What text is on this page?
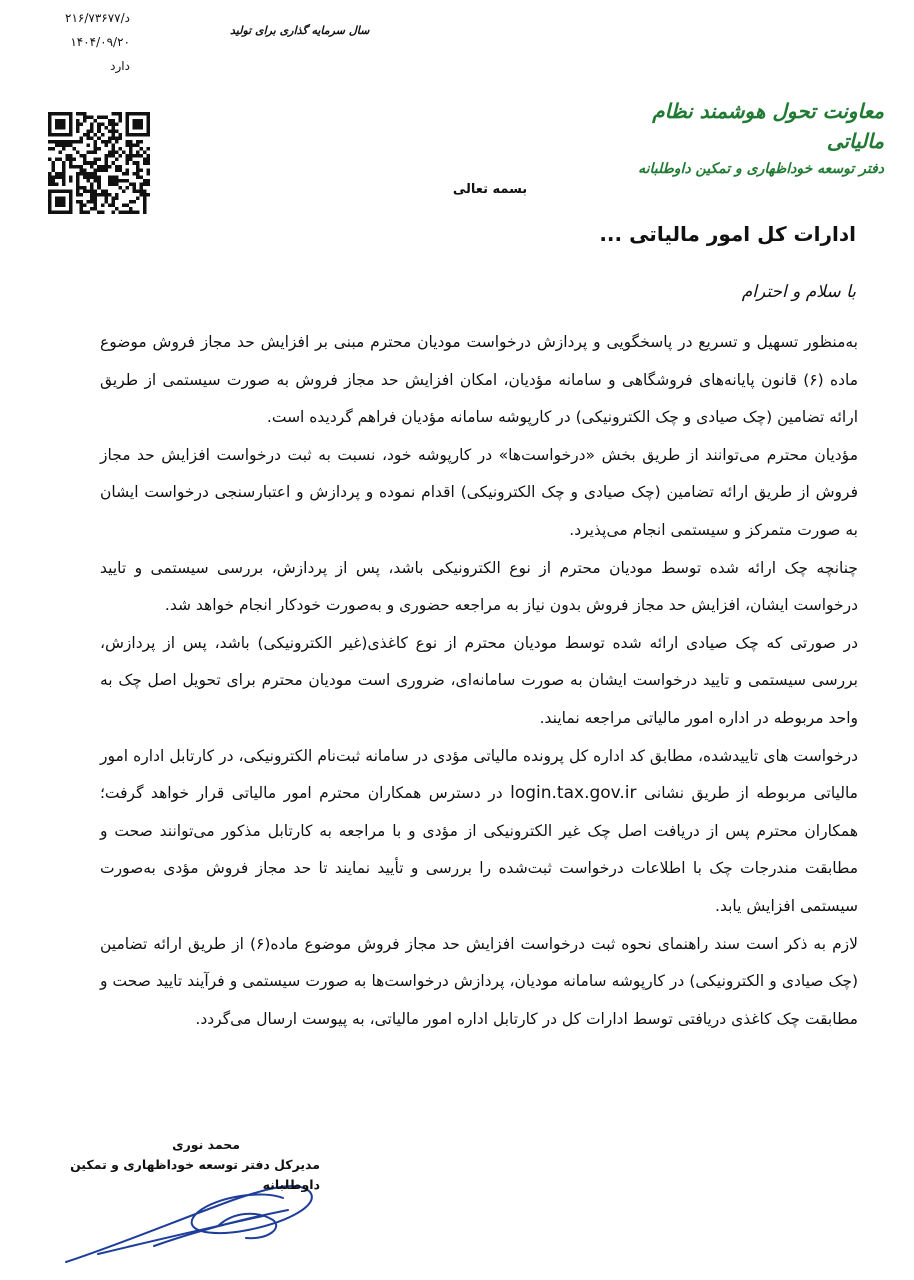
د/۲۱۶/۷۳۶۷۷
۱۴۰۴/۰۹/۲۰
دارد
سال سرمایه گذاری برای تولید
معاونت تحول هوشمند نظام مالیاتی
دفتر توسعه خوداظهاری و تمکین داوطلبانه
بسمه تعالی
ادارات کل امور مالیاتی ...
با سلام و احترام

به‌منظور تسهیل و تسریع در پاسخگویی و پردازش درخواست مودیان محترم مبنی بر افزایش حد مجاز فروش موضوع ماده (۶) قانون پایانه‌های فروشگاهی و سامانه مؤدیان، امکان افزایش حد مجاز فروش به صورت سیستمی از طریق ارائه تضامین (چک صیادی و چک الکترونیکی) در کارپوشه سامانه مؤدیان فراهم گردیده است.

مؤدیان محترم می‌توانند از طریق بخش «درخواست‌ها» در کارپوشه خود، نسبت به ثبت درخواست افزایش حد مجاز فروش از طریق ارائه تضامین (چک صیادی و چک الکترونیکی) اقدام نموده و پردازش و اعتبارسنجی درخواست ایشان به صورت متمرکز و سیستمی انجام می‌پذیرد.

چنانچه چک ارائه شده توسط مودیان محترم از نوع الکترونیکی باشد، پس از پردازش، بررسی سیستمی و تایید درخواست ایشان، افزایش حد مجاز فروش بدون نیاز به مراجعه حضوری و به‌صورت خودکار انجام خواهد شد.

در صورتی که چک صیادی ارائه شده توسط مودیان محترم از نوع کاغذی(غیر الکترونیکی) باشد، پس از پردازش، بررسی سیستمی و تایید درخواست ایشان به صورت سامانه‌ای، ضروری است مودیان محترم برای تحویل اصل چک به واحد مربوطه در اداره امور مالیاتی مراجعه نمایند.

درخواست های تاییدشده، مطابق کد اداره کل پرونده مالیاتی مؤدی در سامانه ثبت‌نام الکترونیکی، در کارتابل اداره امور مالیاتی مربوطه از طریق نشانی login.tax.gov.ir در دسترس همکاران محترم امور مالیاتی قرار خواهد گرفت؛ همکاران محترم پس از دریافت اصل چک غیر الکترونیکی از مؤدی و با مراجعه به کارتابل مذکور می‌توانند صحت و مطابقت مندرجات چک با اطلاعات درخواست ثبت‌شده را بررسی و تأیید نمایند تا حد مجاز فروش مؤدی به‌صورت سیستمی افزایش یابد.

لازم به ذکر است سند راهنمای نحوه ثبت درخواست افزایش حد مجاز فروش موضوع ماده(۶) از طریق ارائه تضامین (چک صیادی و الکترونیکی) در کارپوشه سامانه مودیان، پردازش درخواست‌ها به صورت سیستمی و فرآیند تایید صحت و مطابقت چک کاغذی دریافتی توسط ادارات کل در کارتابل اداره امور مالیاتی، به پیوست ارسال می‌گردد.

محمد نوری
مدیرکل دفتر توسعه خوداظهاری و تمکین داوطلبانه
